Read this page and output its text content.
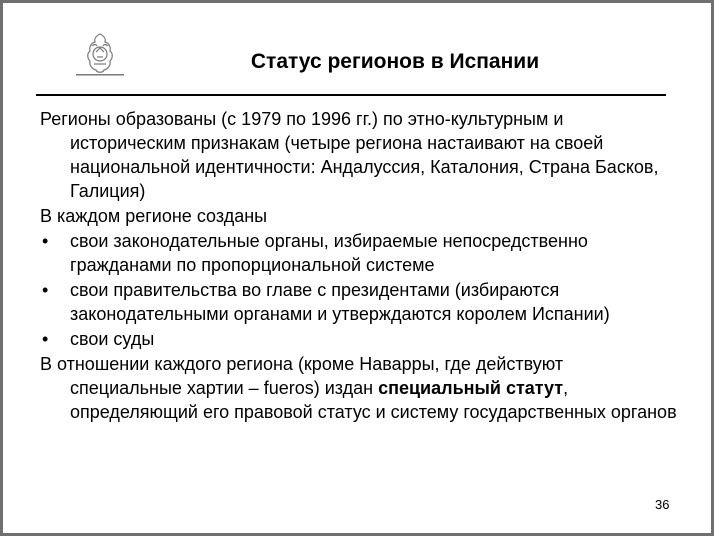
Статус регионов в Испании

Регионы образованы (с 1979 по 1996 гг.) по этно-культурным и историческим признакам (четыре региона настаивают на своей национальной идентичности: Андалуссия, Каталония, Страна Басков, Галиция)

В каждом регионе созданы

• свои законодательные органы, избираемые непосредственно гражданами по пропорциональной системе
• свои правительства во главе с президентами (избираются законодательными органами и утверждаются королем Испании)
• свои суды

В отношении каждого региона (кроме Наварры, где действуют специальные хартии – fueros) издан специальный статут, определяющий его правовой статус и систему государственных органов

36
